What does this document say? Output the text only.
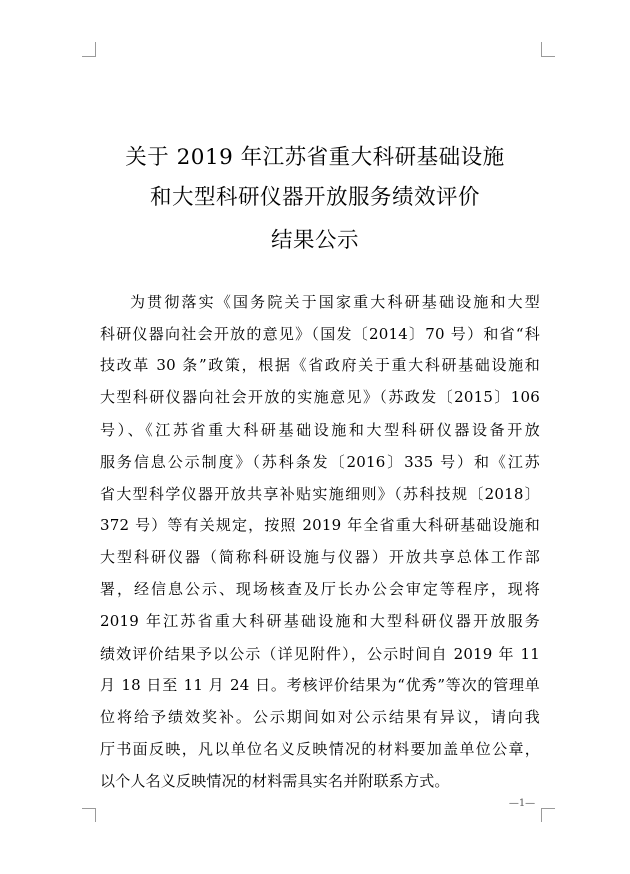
关于 2019 年江苏省重大科研基础设施
和大型科研仪器开放服务绩效评价
结果公示
为贯彻落实《国务院关于国家重大科研基础设施和大型
科研仪器向社会开放的意见》（国发〔2014〕70 号）和省“科
技改革 30 条”政策，根据《省政府关于重大科研基础设施和
大型科研仪器向社会开放的实施意见》（苏政发〔2015〕106
号）、《江苏省重大科研基础设施和大型科研仪器设备开放
服务信息公示制度》（苏科条发〔2016〕335 号）和《江苏
省大型科学仪器开放共享补贴实施细则》（苏科技规〔2018〕
372 号）等有关规定，按照 2019 年全省重大科研基础设施和
大型科研仪器（简称科研设施与仪器）开放共享总体工作部
署，经信息公示、现场核查及厅长办公会审定等程序，现将
2019 年江苏省重大科研基础设施和大型科研仪器开放服务
绩效评价结果予以公示（详见附件），公示时间自 2019 年 11
月 18 日至 11 月 24 日。考核评价结果为“优秀”等次的管理单
位将给予绩效奖补。公示期间如对公示结果有异议，请向我
厅书面反映，凡以单位名义反映情况的材料要加盖单位公章，
以个人名义反映情况的材料需具实名并附联系方式。
—1—
